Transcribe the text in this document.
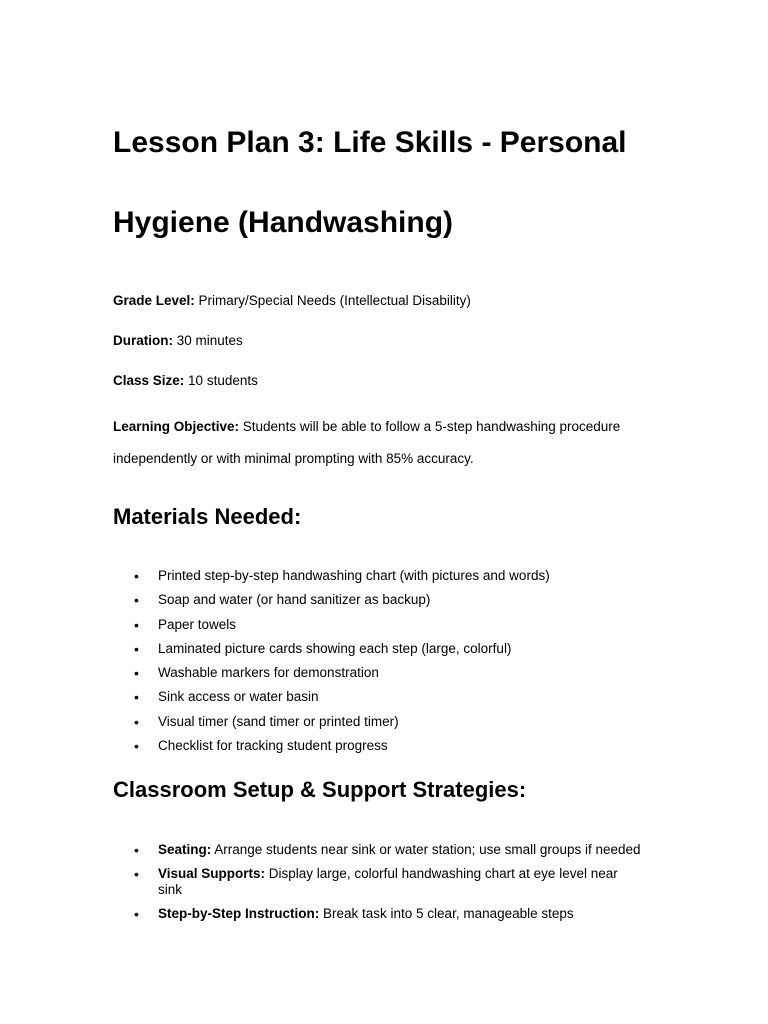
Lesson Plan 3: Life Skills - Personal Hygiene (Handwashing)

Grade Level: Primary/Special Needs (Intellectual Disability)

Duration: 30 minutes

Class Size: 10 students

Learning Objective: Students will be able to follow a 5-step handwashing procedure independently or with minimal prompting with 85% accuracy.

Materials Needed:
• Printed step-by-step handwashing chart (with pictures and words)
• Soap and water (or hand sanitizer as backup)
• Paper towels
• Laminated picture cards showing each step (large, colorful)
• Washable markers for demonstration
• Sink access or water basin
• Visual timer (sand timer or printed timer)
• Checklist for tracking student progress
Classroom Setup & Support Strategies:
• Seating: Arrange students near sink or water station; use small groups if needed
• Visual Supports: Display large, colorful handwashing chart at eye level near sink
• Step-by-Step Instruction: Break task into 5 clear, manageable steps
